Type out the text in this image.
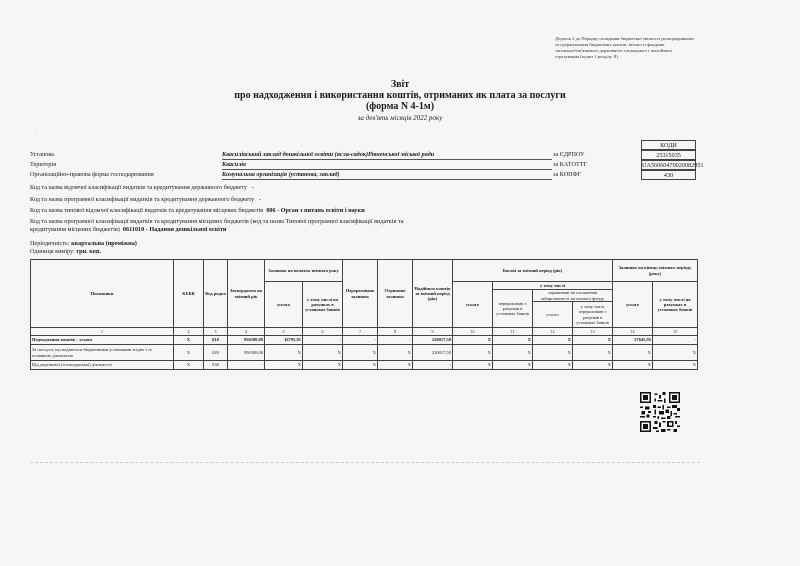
Додаток 2 до Порядку складання бюджетної звітності розпорядниками та одержувачами бюджетних коштів, звітності фондами загальнообов'язкового державного соціального і пенсійного страхування (пункт 1 розділу II)
Звіт
про надходження і використання коштів, отриманих як плата за послуги
(форма N 4-1м)
за дев'ять місяців 2022 року
'
КОДИ
25315035
UA56060470020082951
430
Установа	Квасилівський заклад дошкільної освіти (ясла-садок)Рівненської міської ради	за ЄДРПОУ
Територія	Квасилів	за КАТОТТГ
Організаційно-правова форма господарювання	Комунальна організація (установа, заклад)	за КОПФГ
Код та назва відомчої класифікації видатків та кредитування державного бюджету -
Код та назва програмної класифікації видатків та кредитування державного бюджету -
Код та назва типової відомчої класифікації видатків та кредитування місцевих бюджетів 006 - Орган з питань освіти і науки
Код та назва програмної класифікації видатків та кредитування місцевих бюджетів (код та назва Типової програмної класифікації видатків та
кредитування місцевих бюджетів) 0611010 - Надання дошкільної освіти
Періодичність: квартальна (проміжна)
Одиниця виміру: грн. коп.
Показники	КЕКВ	Код рядка	Затверджено на звітний рік	Залишок на початок звітного року		Перераховано залишок	Отримано залишок	Надійшло коштів за звітний період (рік)	Касові за звітний період (рік)				Залишок на кінець звітного періоду (року)	
				усього	у тому числі на рахунках в установах банків				усього	у тому числі			усього	у тому числі на рахунках в установах банків
										перераховані з рахунків в установах банків	спрямовані на погашення заборгованості загального фонду			
											усього	у тому числі перераховані з рахунків в установах банків		
1	2	3	4	5	6	7	8	9	10	11	12	13	14	15
Надходження коштів – усього	X	010	956500,00	16795,91	-	-	-	230017,50	X	X	X	X	27645,05	-
За послуги, що надаються бюджетними установами згідно з їх основною діяльністю	X	020	956500,00	X	X	X	X	230017,50	X	X	X	X	X	X
Від додаткової (господарської) діяльності	X	030	-	X	X	X	X	-	X	X	X	X	X	X
